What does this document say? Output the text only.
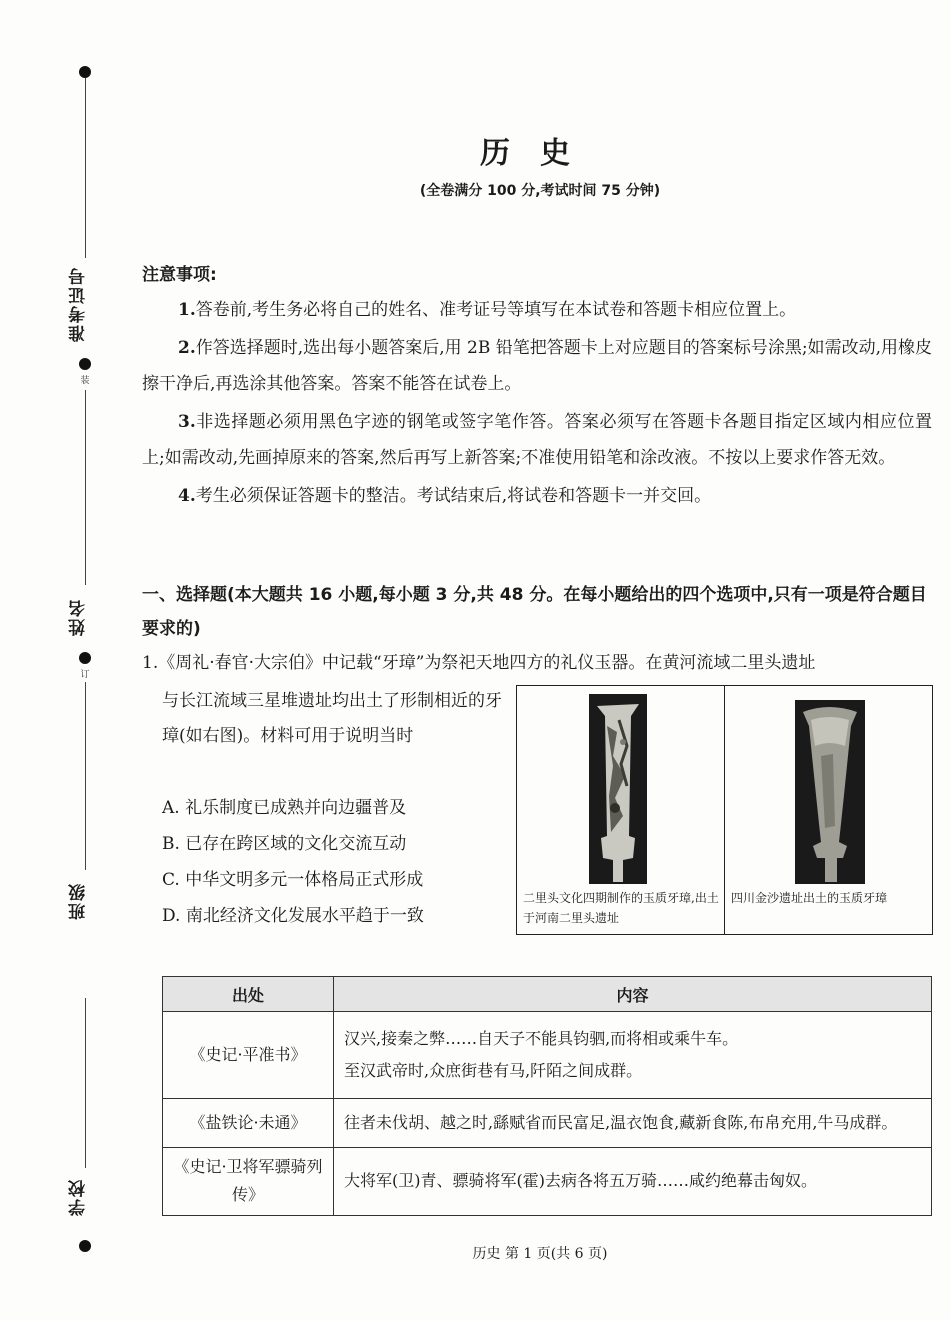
准考证号
装
姓名
订
班级
学校
历史
(全卷满分 100 分,考试时间 75 分钟)
注意事项:
1.答卷前,考生务必将自己的姓名、准考证号等填写在本试卷和答题卡相应位置上。
2.作答选择题时,选出每小题答案后,用 2B 铅笔把答题卡上对应题目的答案标号涂黑;如需改动,用橡皮擦干净后,再选涂其他答案。答案不能答在试卷上。
3.非选择题必须用黑色字迹的钢笔或签字笔作答。答案必须写在答题卡各题目指定区域内相应位置上;如需改动,先画掉原来的答案,然后再写上新答案;不准使用铅笔和涂改液。不按以上要求作答无效。
4.考生必须保证答题卡的整洁。考试结束后,将试卷和答题卡一并交回。
一、选择题(本大题共 16 小题,每小题 3 分,共 48 分。在每小题给出的四个选项中,只有一项是符合题目要求的)
1.《周礼·春官·大宗伯》中记载“牙璋”为祭祀天地四方的礼仪玉器。在黄河流域二里头遗址
与长江流域三星堆遗址均出土了形制相近的牙璋(如右图)。材料可用于说明当时
A. 礼乐制度已成熟并向边疆普及
B. 已存在跨区域的文化交流互动
C. 中华文明多元一体格局正式形成
D. 南北经济文化发展水平趋于一致
二里头文化四期制作的玉质牙璋,出土于河南二里头遗址
四川金沙遗址出土的玉质牙璋
出处	内容
《史记·平准书》	汉兴,接秦之弊……自天子不能具钧驷,而将相或乘牛车。
至汉武帝时,众庶街巷有马,阡陌之间成群。

《盐铁论·未通》	往者未伐胡、越之时,繇赋省而民富足,温衣饱食,藏新食陈,布帛充用,牛马成群。

《史记·卫将军骠骑列传》	大将军(卫)青、骠骑将军(霍)去病各将五万骑……咸约绝幕击匈奴。
历史 第 1 页(共 6 页)
